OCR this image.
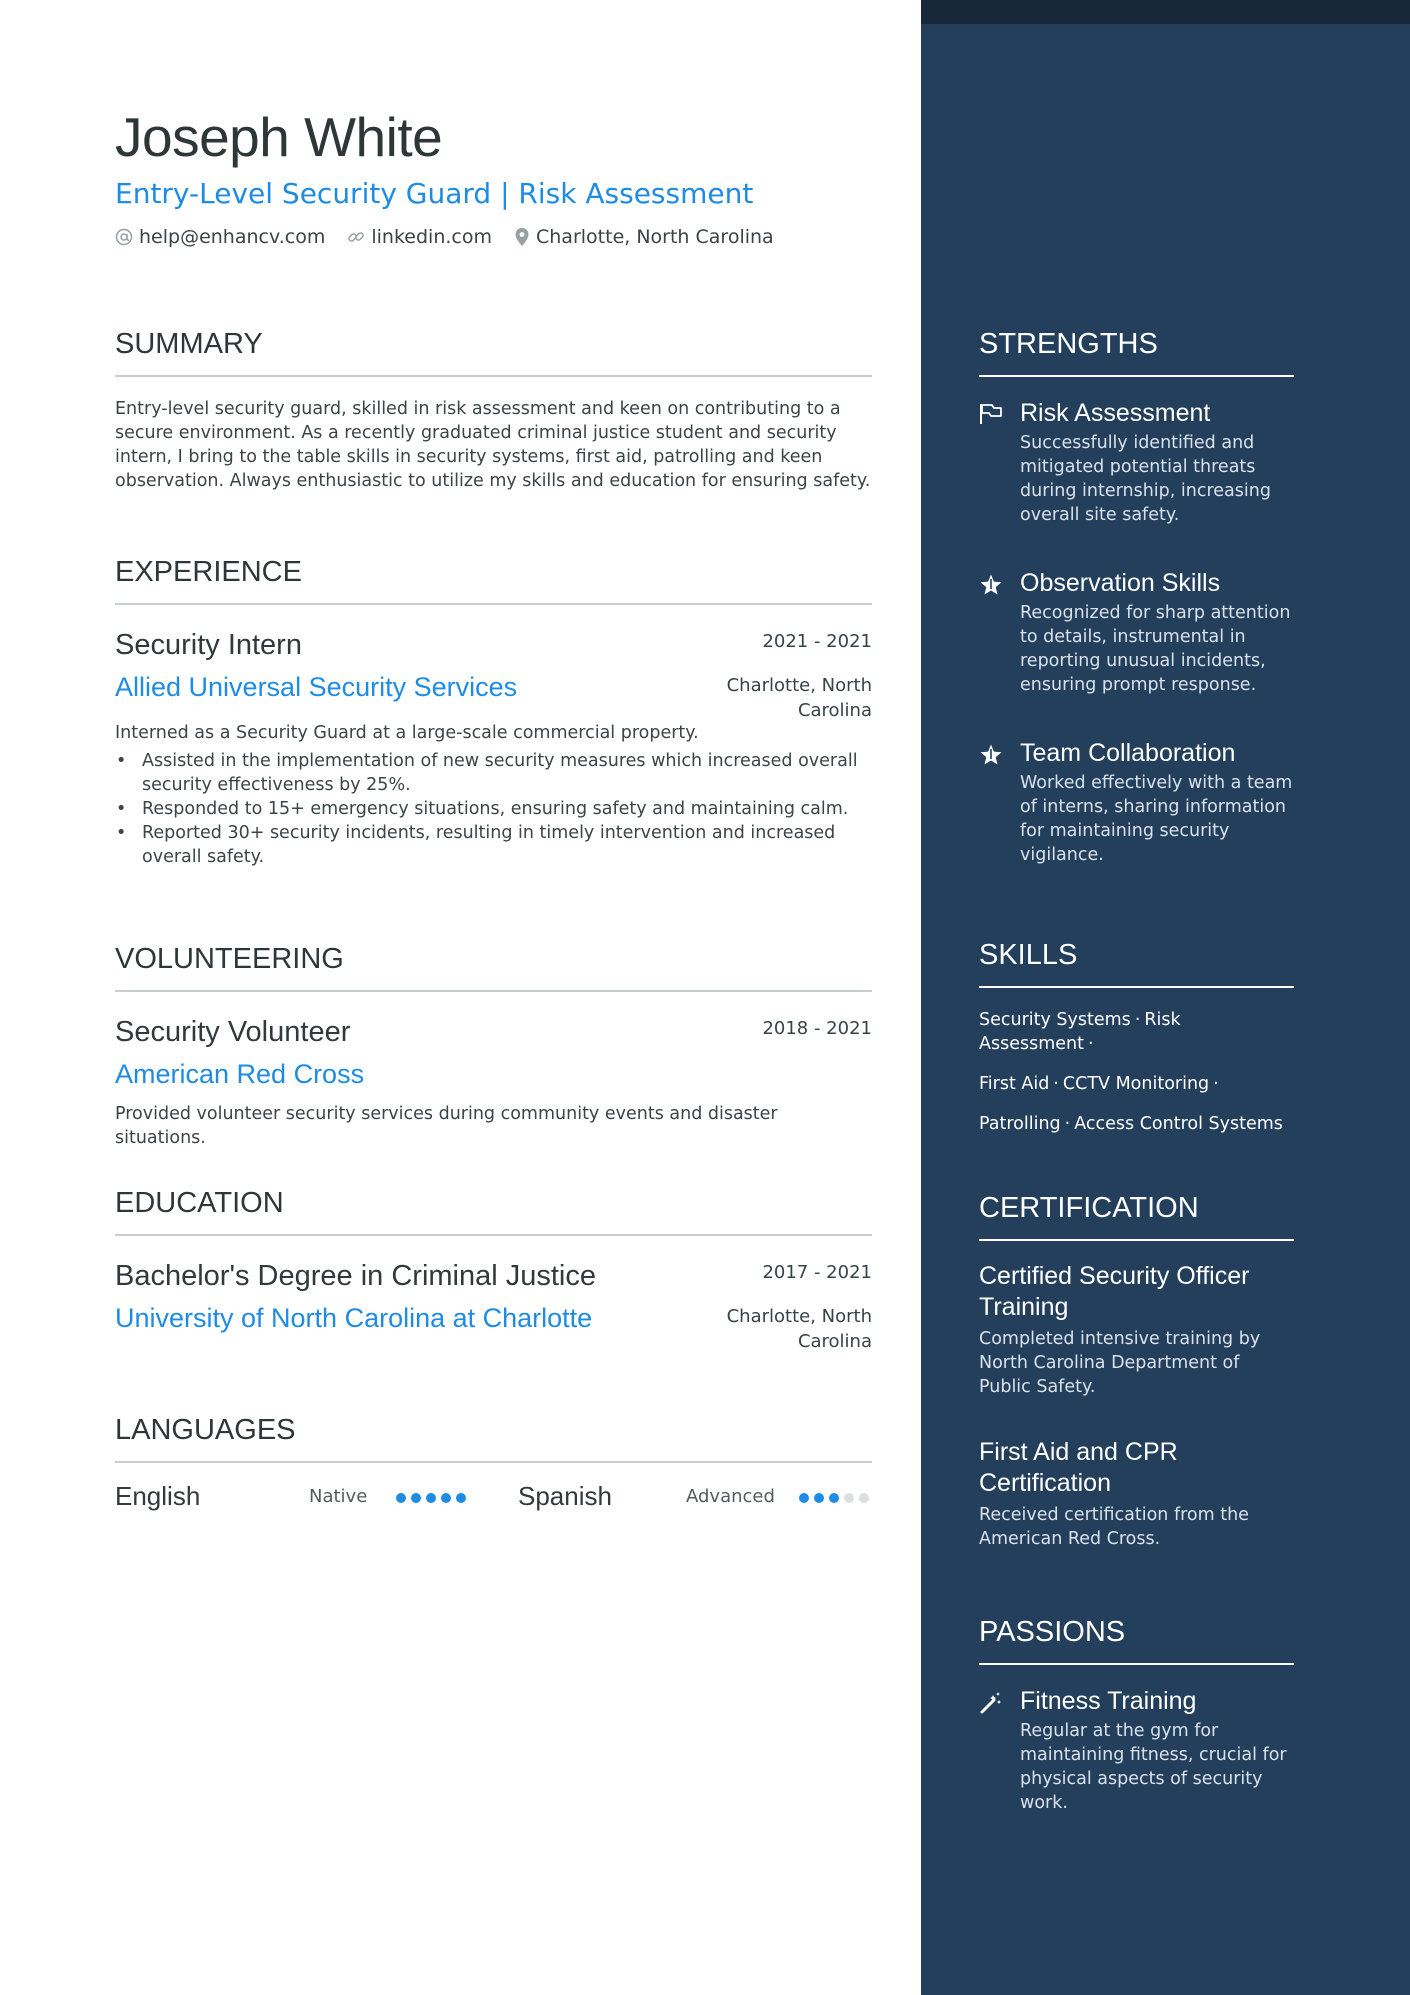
Joseph White
Entry-Level Security Guard | Risk Assessment
help@enhancv.com linkedin.com Charlotte, North Carolina
SUMMARY
Entry-level security guard, skilled in risk assessment and keen on contributing to a secure environment. As a recently graduated criminal justice student and security intern, I bring to the table skills in security systems, first aid, patrolling and keen observation. Always enthusiastic to utilize my skills and education for ensuring safety.
EXPERIENCE
Security Intern
Allied Universal Security Services
2021 - 2021
Charlotte, North Carolina
Interned as a Security Guard at a large-scale commercial property.
• Assisted in the implementation of new security measures which increased overall security effectiveness by 25%.
• Responded to 15+ emergency situations, ensuring safety and maintaining calm.
• Reported 30+ security incidents, resulting in timely intervention and increased overall safety.
VOLUNTEERING
Security Volunteer
American Red Cross
2018 - 2021
Provided volunteer security services during community events and disaster situations.
EDUCATION
Bachelor's Degree in Criminal Justice
University of North Carolina at Charlotte
2017 - 2021
Charlotte, North Carolina
LANGUAGES
English	Native	Spanish	Advanced
STRENGTHS
Risk Assessment
Successfully identified and mitigated potential threats during internship, increasing overall site safety.
Observation Skills
Recognized for sharp attention to details, instrumental in reporting unusual incidents, ensuring prompt response.
Team Collaboration
Worked effectively with a team of interns, sharing information for maintaining security vigilance.
SKILLS
Security Systems · Risk Assessment ·
First Aid · CCTV Monitoring ·
Patrolling · Access Control Systems
CERTIFICATION
Certified Security Officer Training
Completed intensive training by North Carolina Department of Public Safety.
First Aid and CPR Certification
Received certification from the American Red Cross.
PASSIONS
Fitness Training
Regular at the gym for maintaining fitness, crucial for physical aspects of security work.
